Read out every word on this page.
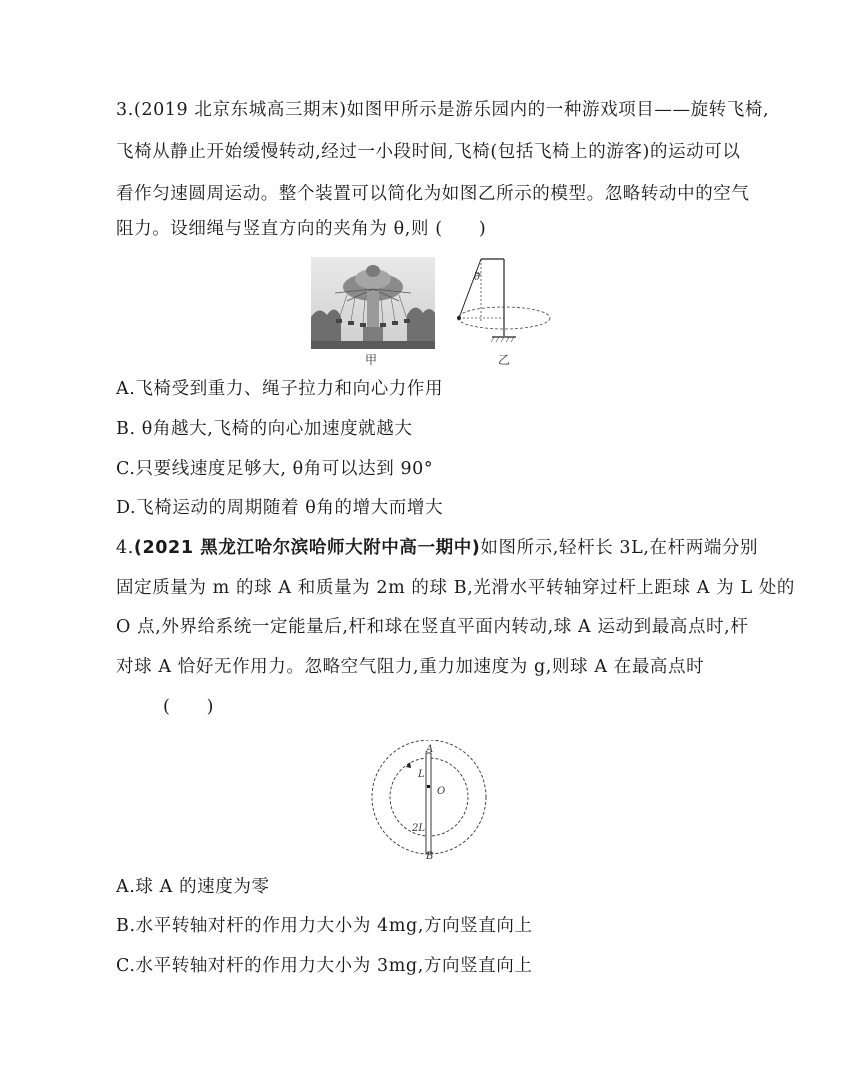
3.(2019 北京东城高三期末)如图甲所示是游乐园内的一种游戏项目——旋转飞椅,
飞椅从静止开始缓慢转动,经过一小段时间,飞椅(包括飞椅上的游客)的运动可以
看作匀速圆周运动。整个装置可以简化为如图乙所示的模型。忽略转动中的空气
阻力。设细绳与竖直方向的夹角为 θ,则 (　　)
甲
θ
乙
A.飞椅受到重力、绳子拉力和向心力作用
B. θ角越大,飞椅的向心加速度就越大
C.只要线速度足够大, θ角可以达到 90°
D.飞椅运动的周期随着 θ角的增大而增大
4.(2021 黑龙江哈尔滨哈师大附中高一期中)如图所示,轻杆长 3L,在杆两端分别
固定质量为 m 的球 A 和质量为 2m 的球 B,光滑水平转轴穿过杆上距球 A 为 L 处的
O 点,外界给系统一定能量后,杆和球在竖直平面内转动,球 A 运动到最高点时,杆
对球 A 恰好无作用力。忽略空气阻力,重力加速度为 g,则球 A 在最高点时
(　　)
A
L
O
2L
B
A.球 A 的速度为零
B.水平转轴对杆的作用力大小为 4mg,方向竖直向上
C.水平转轴对杆的作用力大小为 3mg,方向竖直向上
